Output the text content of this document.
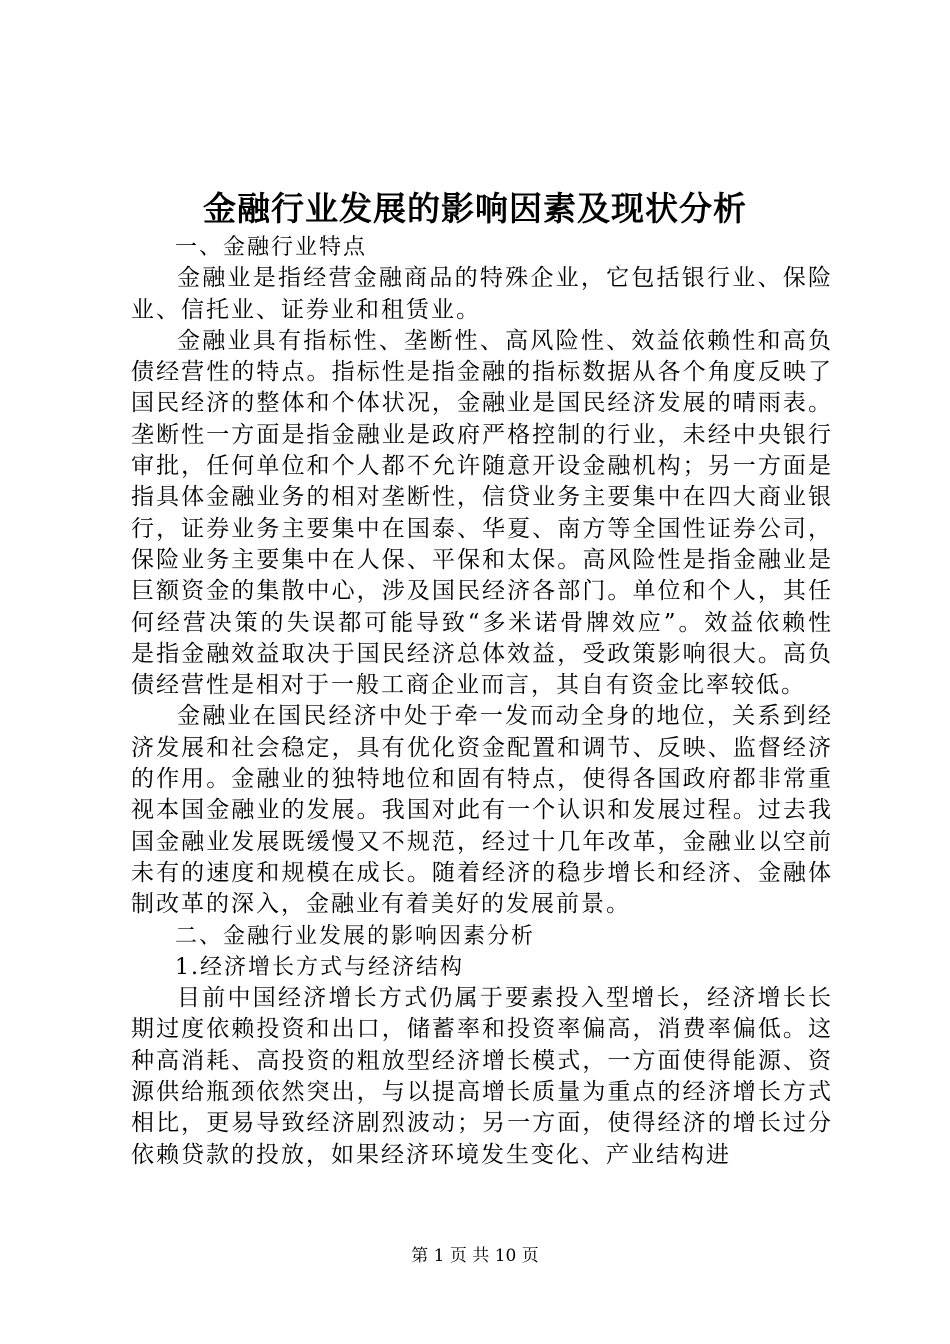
金融行业发展的影响因素及现状分析

一、金融行业特点

金融业是指经营金融商品的特殊企业，它包括银行业、保险业、信托业、证券业和租赁业。

金融业具有指标性、垄断性、高风险性、效益依赖性和高负债经营性的特点。指标性是指金融的指标数据从各个角度反映了国民经济的整体和个体状况，金融业是国民经济发展的晴雨表。垄断性一方面是指金融业是政府严格控制的行业，未经中央银行审批，任何单位和个人都不允许随意开设金融机构；另一方面是指具体金融业务的相对垄断性，信贷业务主要集中在四大商业银行，证券业务主要集中在国泰、华夏、南方等全国性证券公司，保险业务主要集中在人保、平保和太保。高风险性是指金融业是巨额资金的集散中心，涉及国民经济各部门。单位和个人，其任何经营决策的失误都可能导致“多米诺骨牌效应”。效益依赖性是指金融效益取决于国民经济总体效益，受政策影响很大。高负债经营性是相对于一般工商企业而言，其自有资金比率较低。

金融业在国民经济中处于牵一发而动全身的地位，关系到经济发展和社会稳定，具有优化资金配置和调节、反映、监督经济的作用。金融业的独特地位和固有特点，使得各国政府都非常重视本国金融业的发展。我国对此有一个认识和发展过程。过去我国金融业发展既缓慢又不规范，经过十几年改革，金融业以空前未有的速度和规模在成长。随着经济的稳步增长和经济、金融体制改革的深入，金融业有着美好的发展前景。

二、金融行业发展的影响因素分析

1.经济增长方式与经济结构

目前中国经济增长方式仍属于要素投入型增长，经济增长长期过度依赖投资和出口，储蓄率和投资率偏高，消费率偏低。这种高消耗、高投资的粗放型经济增长模式，一方面使得能源、资源供给瓶颈依然突出，与以提高增长质量为重点的经济增长方式相比，更易导致经济剧烈波动；另一方面，使得经济的增长过分依赖贷款的投放，如果经济环境发生变化、产业结构进

第 1 页 共 10 页
